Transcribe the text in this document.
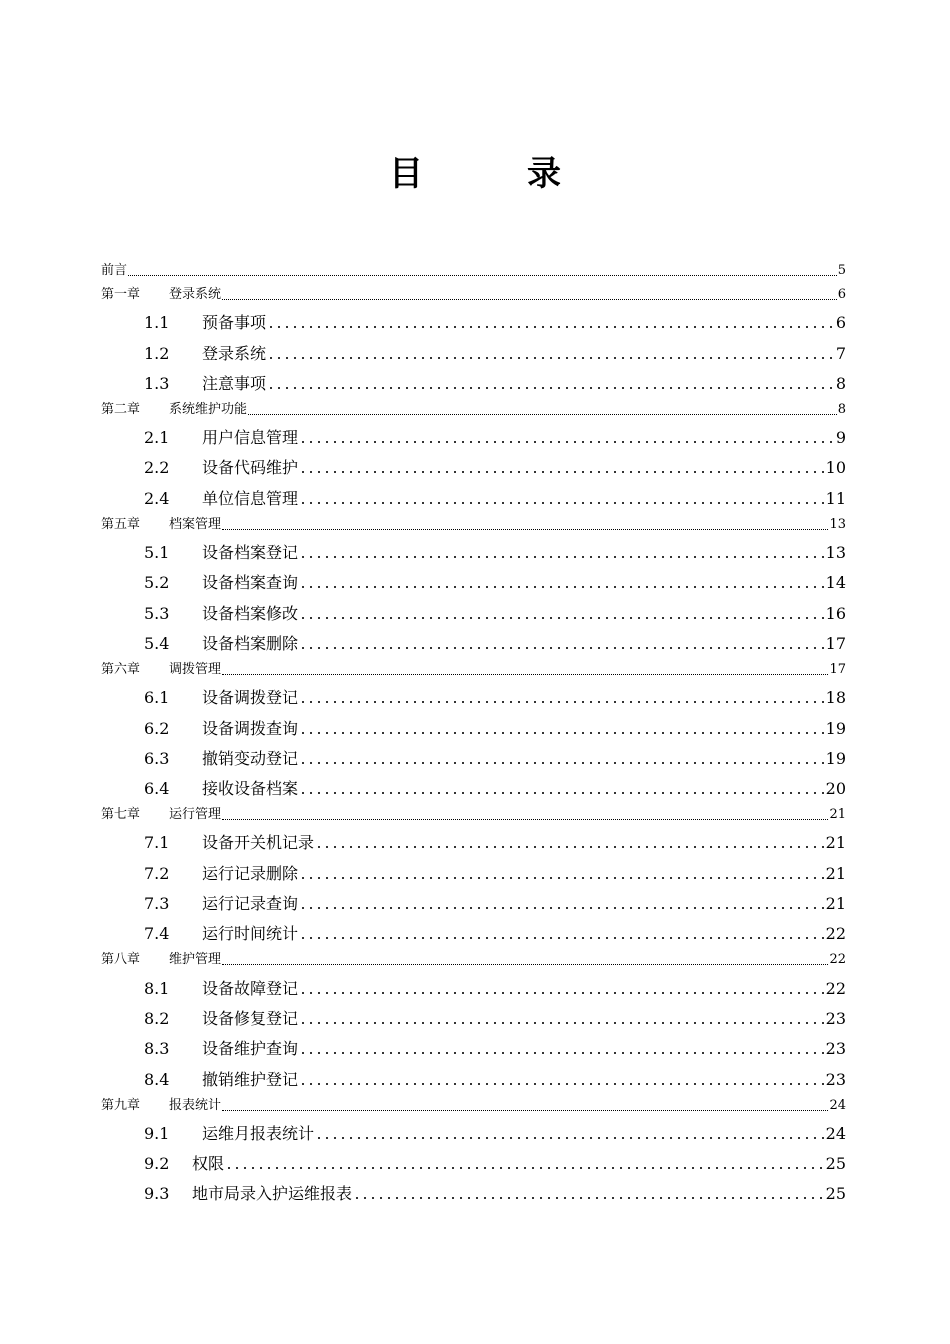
目	录
前言	5
第一章	登录系统	6
1.1	预备事项	6
1.2	登录系统	7
1.3	注意事项	8
第二章	系统维护功能	8
2.1	用户信息管理	9
2.2	设备代码维护	10
2.4	单位信息管理	11
第五章	档案管理	13
5.1	设备档案登记	13
5.2	设备档案查询	14
5.3	设备档案修改	16
5.4	设备档案删除	17
第六章	调拨管理	17
6.1	设备调拨登记	18
6.2	设备调拨查询	19
6.3	撤销变动登记	19
6.4	接收设备档案	20
第七章	运行管理	21
7.1	设备开关机记录	21
7.2	运行记录删除	21
7.3	运行记录查询	21
7.4	运行时间统计	22
第八章	维护管理	22
8.1	设备故障登记	22
8.2	设备修复登记	23
8.3	设备维护查询	23
8.4	撤销维护登记	23
第九章	报表统计	24
9.1	运维月报表统计	24
9.2	权限	25
9.3	地市局录入护运维报表	25
